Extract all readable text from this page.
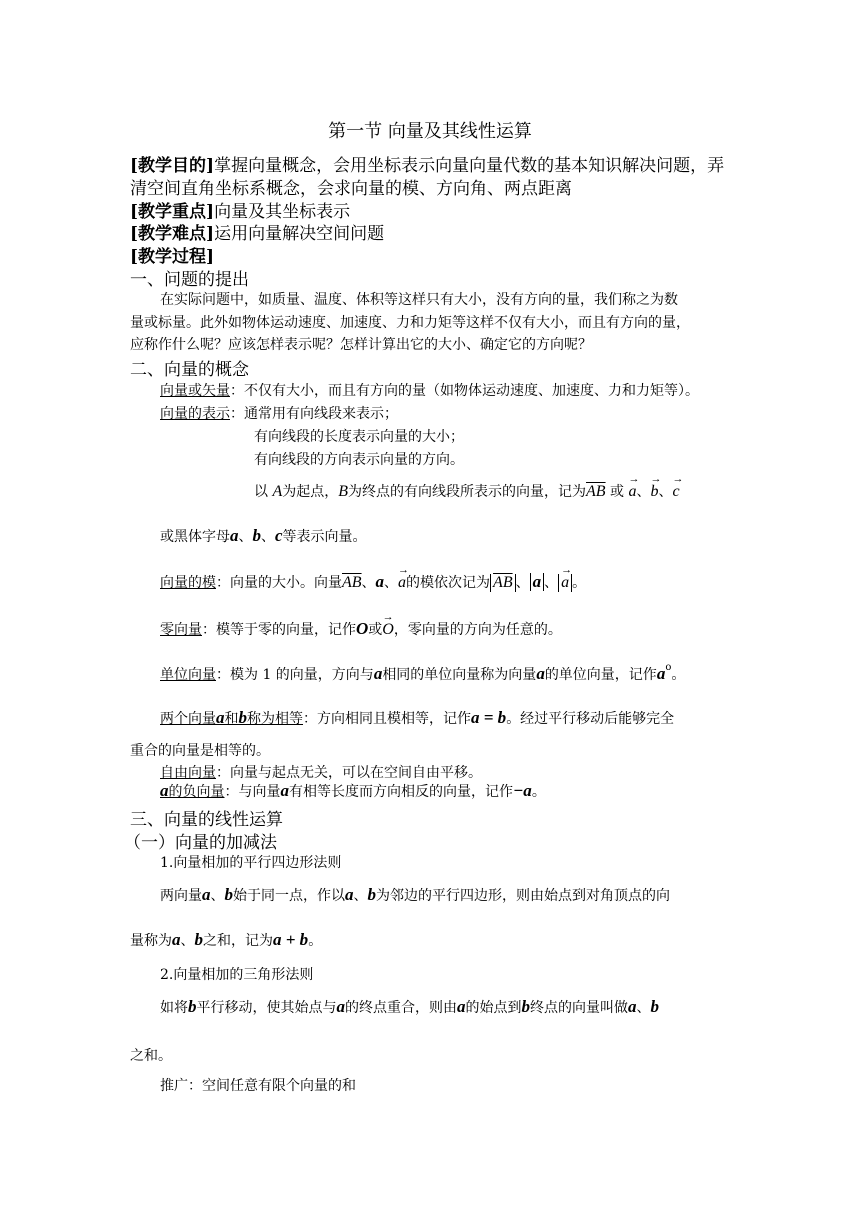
第一节 向量及其线性运算
[教学目的]掌握向量概念，会用坐标表示向量向量代数的基本知识解决问题，弄
清空间直角坐标系概念，会求向量的模、方向角、两点距离
[教学重点]向量及其坐标表示
[教学难点]运用向量解决空间问题
[教学过程]
一、问题的提出
在实际问题中，如质量、温度、体积等这样只有大小，没有方向的量，我们称之为数
量或标量。此外如物体运动速度、加速度、力和力矩等这样不仅有大小，而且有方向的量，
应称作什么呢？应该怎样表示呢？怎样计算出它的大小、确定它的方向呢？
二、向量的概念
向量或矢量：不仅有大小，而且有方向的量（如物体运动速度、加速度、力和力矩等）。
向量的表示：通常用有向线段来表示；
有向线段的长度表示向量的大小；
有向线段的方向表示向量的方向。
以 A为起点，B为终点的有向线段所表示的向量，记为$\overline{AB}$ 或
→
a、
→
b、
→
c
或黑体字母a、b、c等表示向量。
向量的模：向量的大小。向量$\overline{AB}$、a、
→
a的模依次记为 $\overline{AB}$ 、 a 、
→
a 。
零向量：模等于零的向量，记作O或
→
O，零向量的方向为任意的。
单位向量：模为 1 的向量，方向与a相同的单位向量称为向量a的单位向量，记作$a^o$。
两个向量a和b称为相等：方向相同且模相等，记作a = b。经过平行移动后能够完全
重合的向量是相等的。
自由向量：向量与起点无关，可以在空间自由平移。
a的负向量：与向量a有相等长度而方向相反的向量，记作−a。
三、向量的线性运算
（一）向量的加减法
1.向量相加的平行四边形法则
两向量a、b始于同一点，作以a、b为邻边的平行四边形，则由始点到对角顶点的向
量称为a、b之和，记为a + b。
2.向量相加的三角形法则
如将b平行移动，使其始点与a的终点重合，则由a的始点到b终点的向量叫做a、b
之和。
推广：空间任意有限个向量的和
